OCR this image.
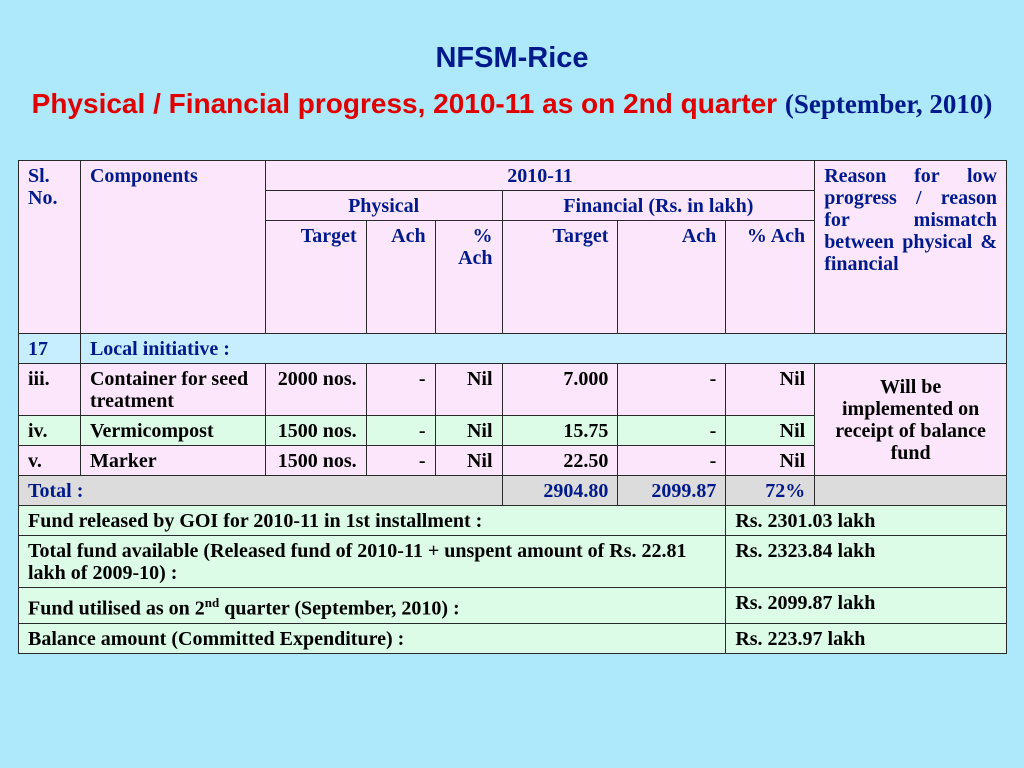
NFSM-Rice
Physical / Financial progress, 2010-11 as on 2nd quarter (September, 2010)
Sl. No.	Components	2010-11						Reason for low progress / reason for mismatch between physical & financial
		Physical			Financial (Rs. in lakh)			
		Target	Ach	% Ach	Target	Ach	% Ach	
17	Local initiative :							
iii.	Container for seed treatment	2000 nos.	-	Nil	7.000	-	Nil	Will be implemented on receipt of balance fund
iv.	Vermicompost	1500 nos.	-	Nil	15.75	-	Nil	
v.	Marker	1500 nos.	-	Nil	22.50	-	Nil	
Total :					2904.80	2099.87	72%	
Fund released by GOI for 2010-11 in 1st installment :							Rs. 2301.03 lakh	
Total fund available (Released fund of 2010-11 + unspent amount of Rs. 22.81 lakh of 2009-10) :							Rs. 2323.84 lakh	
Fund utilised as on 2nd quarter (September, 2010) :							Rs. 2099.87 lakh	
Balance amount (Committed Expenditure) :							Rs. 223.97 lakh	
